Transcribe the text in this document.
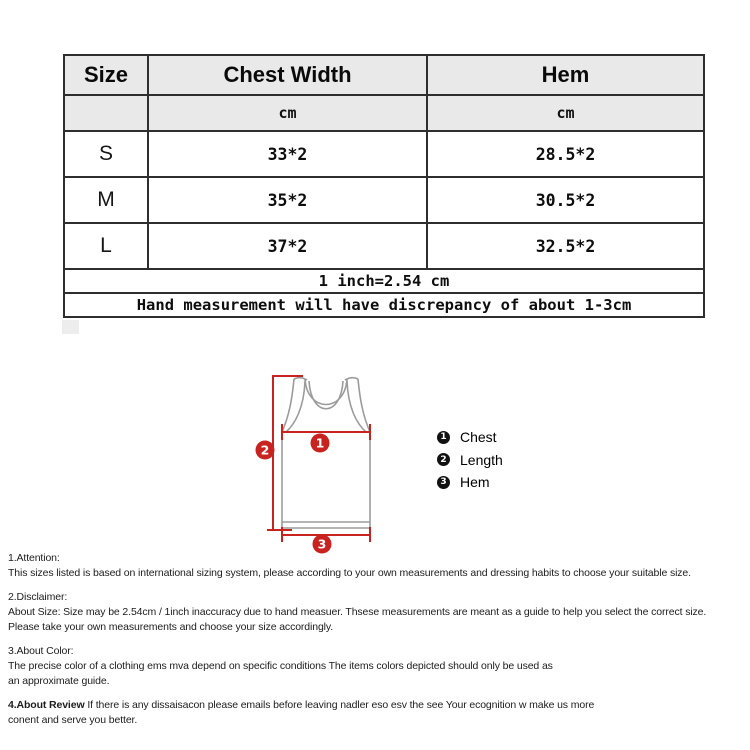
Size	Chest Width	Hem
	cm	cm
S	33*2	28.5*2
M	35*2	30.5*2
L	37*2	32.5*2
1 inch=2.54 cm		
Hand measurement will have discrepancy of about 1-3cm		
1
2
3
1 Chest
2 Length
3 Hem
1.Attention:
This sizes listed is based on international sizing system, please according to your own measurements and dressing habits to choose your suitable size.
2.Disclaimer:
About Size: Size may be 2.54cm / 1inch inaccuracy due to hand measuer. Thsese measurements are meant as a guide to help you select the correct size.
Please take your own measurements and choose your size accordingly.
3.About Color:
The precise color of a clothing ems mva depend on specific conditions The items colors depicted should only be used as
an approximate guide.
4.About Review If there is any dissaisacon please emails before leaving nadler eso esv the see Your ecognition w make us more
conent and serve you better.
